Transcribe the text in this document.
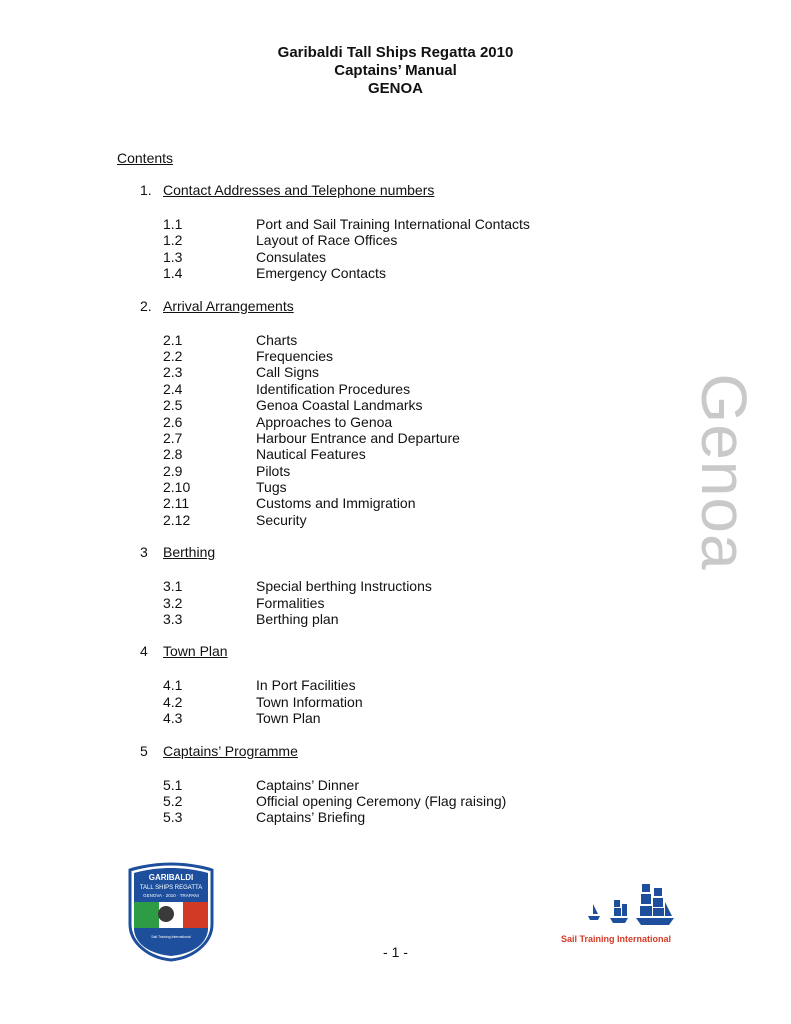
Garibaldi Tall Ships Regatta 2010
Captains’ Manual
GENOA
Contents
1. Contact Addresses and Telephone numbers
1.1	Port and Sail Training International Contacts
1.2	Layout of Race Offices
1.3	Consulates
1.4	Emergency Contacts
2. Arrival Arrangements
2.1	Charts
2.2	Frequencies
2.3	Call Signs
2.4	Identification Procedures
2.5	Genoa Coastal Landmarks
2.6	Approaches to Genoa
2.7	Harbour Entrance and Departure
2.8	Nautical Features
2.9	Pilots
2.10	Tugs
2.11	Customs and Immigration
2.12	Security
3 Berthing
3.1	Special berthing Instructions
3.2	Formalities
3.3	Berthing plan
4 Town Plan
4.1	In Port Facilities
4.2	Town Information
4.3	Town Plan
5 Captains’ Programme
5.1	Captains’ Dinner
5.2	Official opening Ceremony (Flag raising)
5.3	Captains’ Briefing
Genoa
GARIBALDI
TALL SHIPS REGATTA
GENOVA · 2010 · TRAPANI
Sail Training International	Sail Training International
- 1 -
